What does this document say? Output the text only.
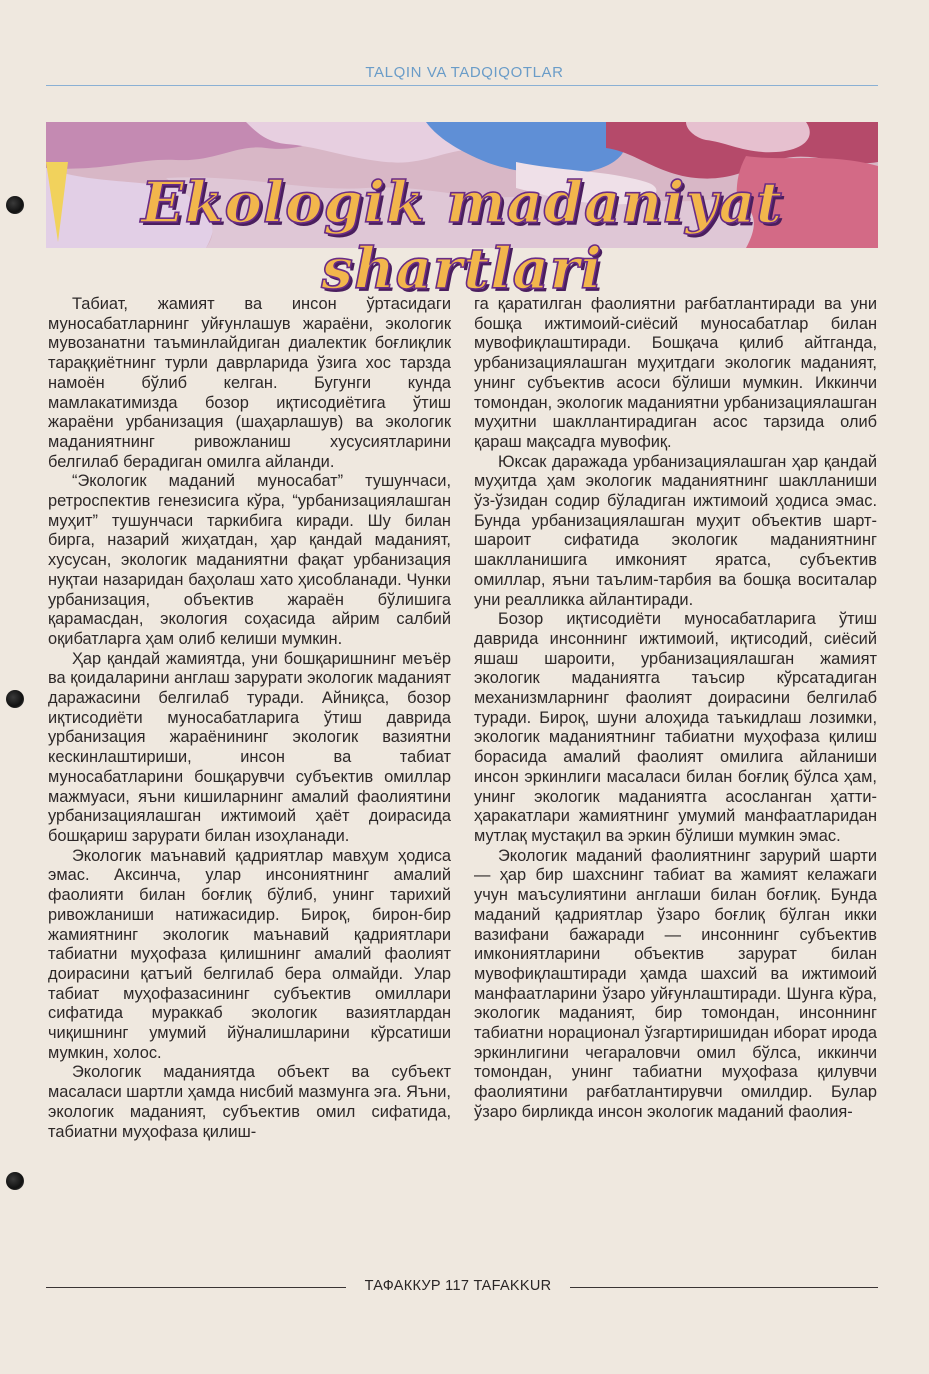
TALQIN VA TADQIQOTLAR
Ekologik madaniyat shartlari

Табиат, жамият ва инсон ўртасидаги муносабатларнинг уйғунлашув жараёни, экологик мувозанатни таъминлайдиган диалектик боғлиқлик тараққиётнинг турли даврларида ўзига хос тарзда намоён бўлиб келган. Бугунги кунда мамлакатимизда бозор иқтисодиётига ўтиш жараёни урбанизация (шаҳарлашув) ва экологик маданиятнинг ривожланиш хусусиятларини белгилаб берадиган омилга айланди.

“Экологик маданий муносабат” тушунчаси, ретроспектив генезисига кўра, “урбанизациялашган муҳит” тушунчаси таркибига киради. Шу билан бирга, назарий жиҳатдан, ҳар қандай маданият, хусусан, экологик маданиятни фақат урбанизация нуқтаи назаридан баҳолаш хато ҳисобланади. Чунки урбанизация, объектив жараён бўлишига қарамасдан, экология соҳасида айрим салбий оқибатларга ҳам олиб келиши мумкин.

Ҳар қандай жамиятда, уни бошқаришнинг меъёр ва қоидаларини англаш зарурати экологик маданият даражасини белгилаб туради. Айниқса, бозор иқтисодиёти муносабатларига ўтиш даврида урбанизация жараёнининг экологик вазиятни кескинлаштириши, инсон ва табиат муносабатларини бошқарувчи субъектив омиллар мажмуаси, яъни кишиларнинг амалий фаолиятини урбанизациялашган ижтимоий ҳаёт доирасида бошқариш зарурати билан изоҳланади.

Экологик маънавий қадриятлар мавҳум ҳодиса эмас. Аксинча, улар инсониятнинг амалий фаолияти билан боғлиқ бўлиб, унинг тарихий ривожланиши натижасидир. Бироқ, бирон-бир жамиятнинг экологик маънавий қадриятлари табиатни муҳофаза қилишнинг амалий фаолият доирасини қатъий белгилаб бера олмайди. Улар табиат муҳофазасининг субъектив омиллари сифатида мураккаб экологик вазиятлардан чиқишнинг умумий йўналишларини кўрсатиши мумкин, холос.

Экологик маданиятда объект ва субъект масаласи шартли ҳамда нисбий мазмунга эга. Яъни, экологик маданият, субъектив омил сифатида, табиатни муҳофаза қилиш-

га қаратилган фаолиятни рағбатлантиради ва уни бошқа ижтимоий-сиёсий муносабатлар билан мувофиқлаштиради. Бошқача қилиб айтганда, урбанизациялашган муҳитдаги экологик маданият, унинг субъектив асоси бўлиши мумкин. Иккинчи томондан, экологик маданиятни урбанизациялашган муҳитни шакллантирадиган асос тарзида олиб қараш мақсадга мувофиқ.

Юксак даражада урбанизациялашган ҳар қандай муҳитда ҳам экологик маданиятнинг шаклланиши ўз-ўзидан содир бўладиган ижтимоий ҳодиса эмас. Бунда урбанизациялашган муҳит объектив шарт-шароит сифатида экологик маданиятнинг шаклланишига имконият яратса, субъектив омиллар, яъни таълим-тарбия ва бошқа воситалар уни реалликка айлантиради.

Бозор иқтисодиёти муносабатларига ўтиш даврида инсоннинг ижтимоий, иқтисодий, сиёсий яшаш шароити, урбанизациялашган жамият экологик маданиятга таъсир кўрсатадиган механизмларнинг фаолият доирасини белгилаб туради. Бироқ, шуни алоҳида таъкидлаш лозимки, экологик маданиятнинг табиатни муҳофаза қилиш борасида амалий фаолият омилига айланиши инсон эркинлиги масаласи билан боғлиқ бўлса ҳам, унинг экологик маданиятга асосланган ҳатти-ҳаракатлари жамиятнинг умумий манфаатларидан мутлақ мустақил ва эркин бўлиши мумкин эмас.

Экологик маданий фаолиятнинг зарурий шарти — ҳар бир шахснинг табиат ва жамият келажаги учун маъсулиятини англаши билан боғлиқ. Бунда маданий қадриятлар ўзаро боғлиқ бўлган икки вазифани бажаради — инсоннинг субъектив имкониятларини объектив зарурат билан мувофиқлаштиради ҳамда шахсий ва ижтимоий манфаатларини ўзаро уйғунлаштиради. Шунга кўра, экологик маданият, бир томондан, инсоннинг табиатни норационал ўзгартиришидан иборат ирода эркинлигини чегараловчи омил бўлса, иккинчи томондан, унинг табиатни муҳофаза қилувчи фаолиятини рағбатлантирувчи омилдир. Булар ўзаро бирликда инсон экологик маданий фаолия-

ТАФАККУР 117 TAFAKKUR
